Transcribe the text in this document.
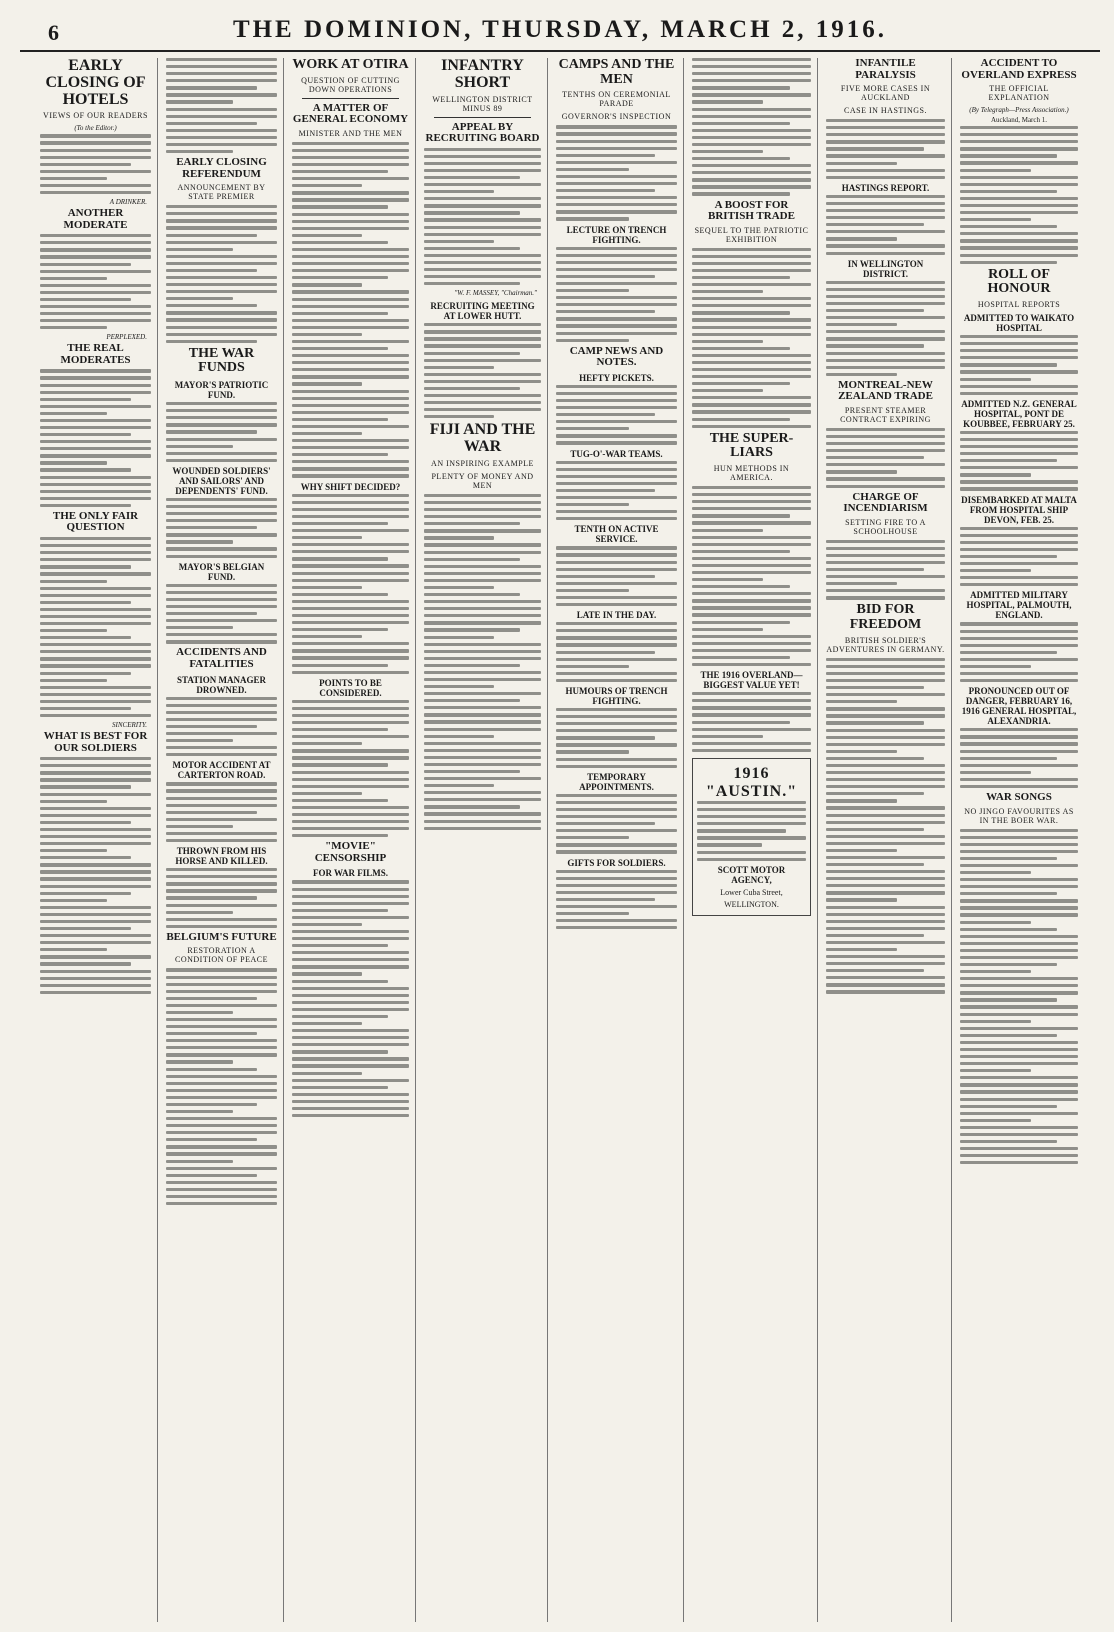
6	THE DOMINION, THURSDAY, MARCH 2, 1916.
EARLY CLOSING OF HOTELS
VIEWS OF OUR READERS
(To the Editor.)
A DRINKER.
ANOTHER MODERATE
PERPLEXED.
THE REAL MODERATES
THE ONLY FAIR QUESTION
SINCERITY.
WHAT IS BEST FOR OUR SOLDIERS
EARLY CLOSING REFERENDUM
ANNOUNCEMENT BY STATE PREMIER
THE WAR FUNDS
MAYOR'S PATRIOTIC FUND.
WOUNDED SOLDIERS' AND SAILORS' AND DEPENDENTS' FUND.
MAYOR'S BELGIAN FUND.
ACCIDENTS AND FATALITIES
STATION MANAGER DROWNED.
MOTOR ACCIDENT AT CARTERTON ROAD.
THROWN FROM HIS HORSE AND KILLED.
BELGIUM'S FUTURE
RESTORATION A CONDITION OF PEACE
WORK AT OTIRA
QUESTION OF CUTTING DOWN OPERATIONS
A MATTER OF GENERAL ECONOMY
MINISTER AND THE MEN
WHY SHIFT DECIDED?
POINTS TO BE CONSIDERED.
"MOVIE" CENSORSHIP
FOR WAR FILMS.
INFANTRY SHORT
WELLINGTON DISTRICT MINUS 89
APPEAL BY RECRUITING BOARD
"W. F. MASSEY, "Chairman."
RECRUITING MEETING AT LOWER HUTT.
FIJI AND THE WAR
AN INSPIRING EXAMPLE
PLENTY OF MONEY AND MEN
CAMPS AND THE MEN
TENTHS ON CEREMONIAL PARADE
GOVERNOR'S INSPECTION
LECTURE ON TRENCH FIGHTING.
CAMP NEWS AND NOTES.
HEFTY PICKETS.
TUG-O'-WAR TEAMS.
TENTH ON ACTIVE SERVICE.
LATE IN THE DAY.
HUMOURS OF TRENCH FIGHTING.
TEMPORARY APPOINTMENTS.
GIFTS FOR SOLDIERS.
A BOOST FOR BRITISH TRADE
SEQUEL TO THE PATRIOTIC EXHIBITION
THE SUPER-LIARS
HUN METHODS IN AMERICA.
THE 1916 OVERLAND—BIGGEST VALUE YET!
1916 "AUSTIN."
SCOTT MOTOR AGENCY,
Lower Cuba Street,
WELLINGTON.
INFANTILE PARALYSIS
FIVE MORE CASES IN AUCKLAND
CASE IN HASTINGS.
HASTINGS REPORT.
IN WELLINGTON DISTRICT.
MONTREAL-NEW ZEALAND TRADE
PRESENT STEAMER CONTRACT EXPIRING
CHARGE OF INCENDIARISM
SETTING FIRE TO A SCHOOLHOUSE
BID FOR FREEDOM
BRITISH SOLDIER'S ADVENTURES IN GERMANY.
ACCIDENT TO OVERLAND EXPRESS
THE OFFICIAL EXPLANATION
(By Telegraph—Press Association.)
Auckland, March 1.
ROLL OF HONOUR
HOSPITAL REPORTS
ADMITTED TO WAIKATO HOSPITAL
ADMITTED N.Z. GENERAL HOSPITAL, PONT DE KOUBBEE, FEBRUARY 25.
DISEMBARKED AT MALTA FROM HOSPITAL SHIP DEVON, FEB. 25.
ADMITTED MILITARY HOSPITAL, PALMOUTH, ENGLAND.
PRONOUNCED OUT OF DANGER, FEBRUARY 16, 1916 GENERAL HOSPITAL, ALEXANDRIA.
WAR SONGS
NO JINGO FAVOURITES AS IN THE BOER WAR.
